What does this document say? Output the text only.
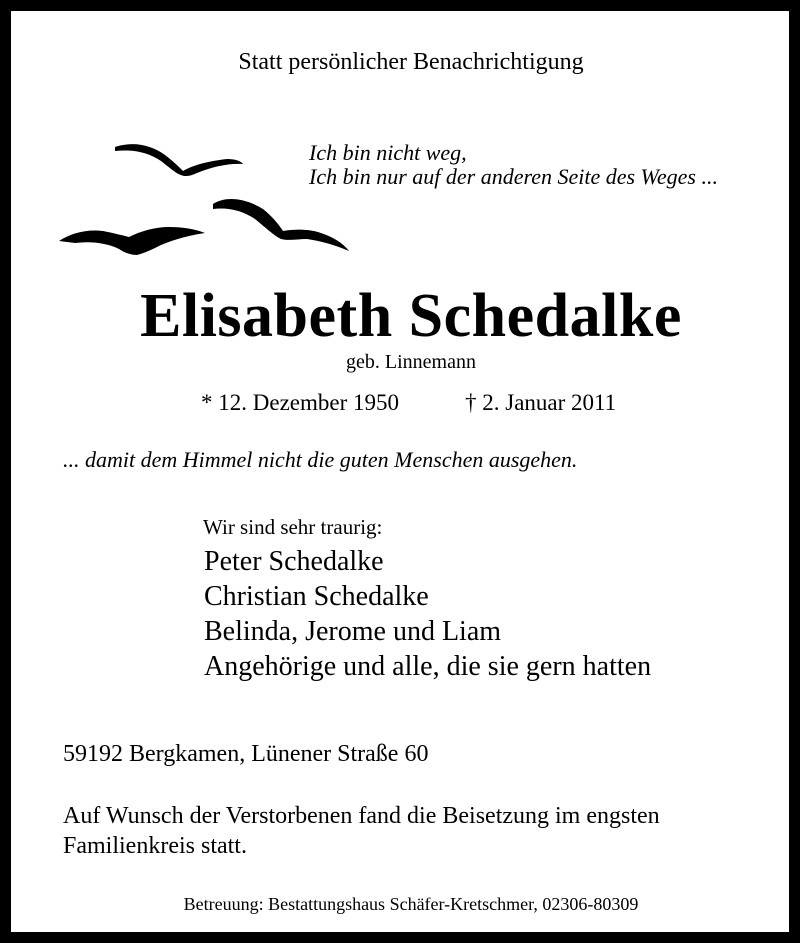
Statt persönlicher Benachrichtigung
Ich bin nicht weg,
Ich bin nur auf der anderen Seite des Weges ...
Elisabeth Schedalke
geb. Linnemann
* 12. Dezember 1950	† 2. Januar 2011
... damit dem Himmel nicht die guten Menschen ausgehen.
Wir sind sehr traurig:
Peter Schedalke
Christian Schedalke
Belinda, Jerome und Liam
Angehörige und alle, die sie gern hatten
59192 Bergkamen, Lünener Straße 60
Auf Wunsch der Verstorbenen fand die Beisetzung im engsten Familienkreis statt.
Betreuung: Bestattungshaus Schäfer-Kretschmer, 02306-80309
